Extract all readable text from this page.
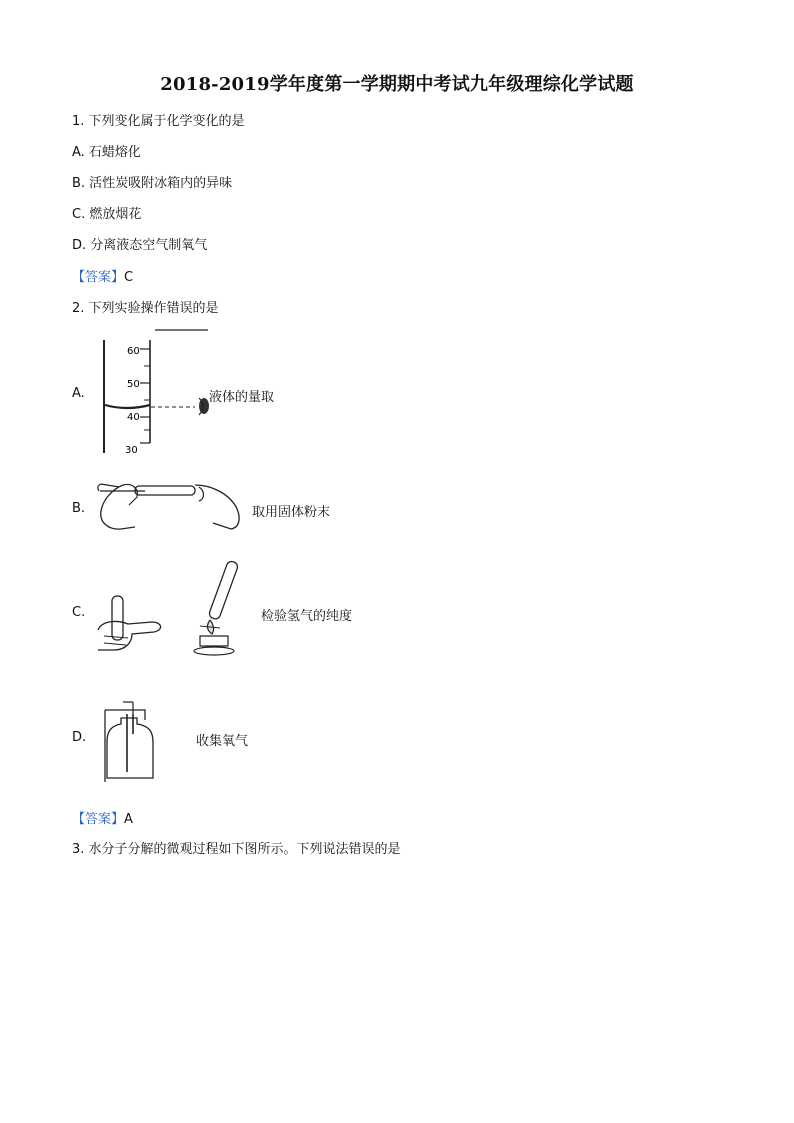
2018-2019学年度第一学期期中考试九年级理综化学试题
1. 下列变化属于化学变化的是
A. 石蜡熔化
B. 活性炭吸附冰箱内的异味
C. 燃放烟花
D. 分离液态空气制氧气
【答案】C
2. 下列实验操作错误的是
A.
60
50
40
30
液体的量取
B.	取用固体粉末
C.	检验氢气的纯度
D.	收集氧气
【答案】A
3. 水分子分解的微观过程如下图所示。下列说法错误的是
